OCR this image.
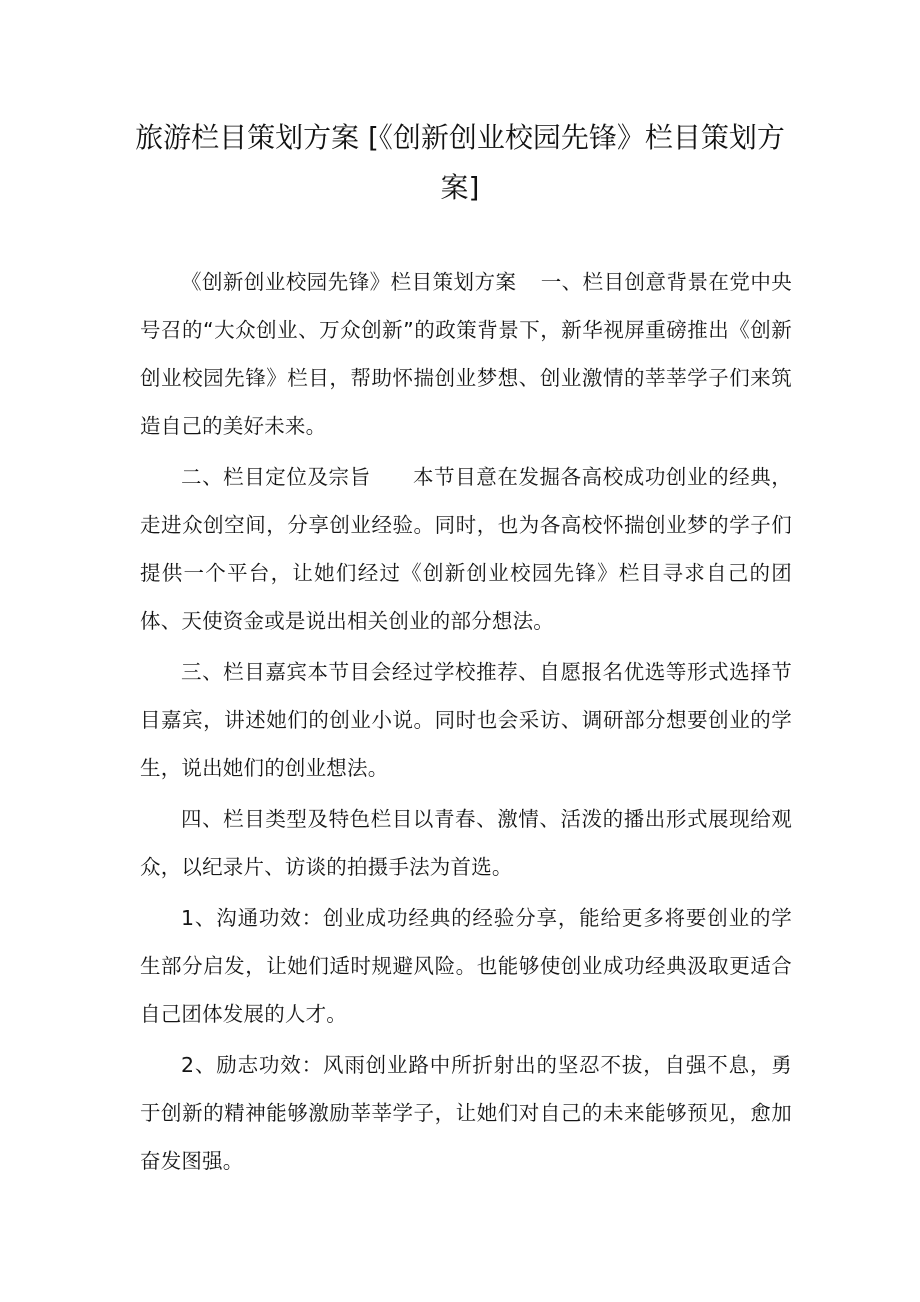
旅游栏目策划方案 [《创新创业校园先锋》栏目策划方案]

《创新创业校园先锋》栏目策划方案 一、栏目创意背景在党中央号召的“大众创业、万众创新”的政策背景下，新华视屏重磅推出《创新创业校园先锋》栏目，帮助怀揣创业梦想、创业激情的莘莘学子们来筑造自己的美好未来。

二、栏目定位及宗旨 本节目意在发掘各高校成功创业的经典，走进众创空间，分享创业经验。同时，也为各高校怀揣创业梦的学子们提供一个平台，让她们经过《创新创业校园先锋》栏目寻求自己的团体、天使资金或是说出相关创业的部分想法。

三、栏目嘉宾本节目会经过学校推荐、自愿报名优选等形式选择节目嘉宾，讲述她们的创业小说。同时也会采访、调研部分想要创业的学生，说出她们的创业想法。

四、栏目类型及特色栏目以青春、激情、活泼的播出形式展现给观众，以纪录片、访谈的拍摄手法为首选。

1、沟通功效：创业成功经典的经验分享，能给更多将要创业的学生部分启发，让她们适时规避风险。也能够使创业成功经典汲取更适合自己团体发展的人才。

2、励志功效：风雨创业路中所折射出的坚忍不拔，自强不息，勇于创新的精神能够激励莘莘学子，让她们对自己的未来能够预见，愈加奋发图强。
